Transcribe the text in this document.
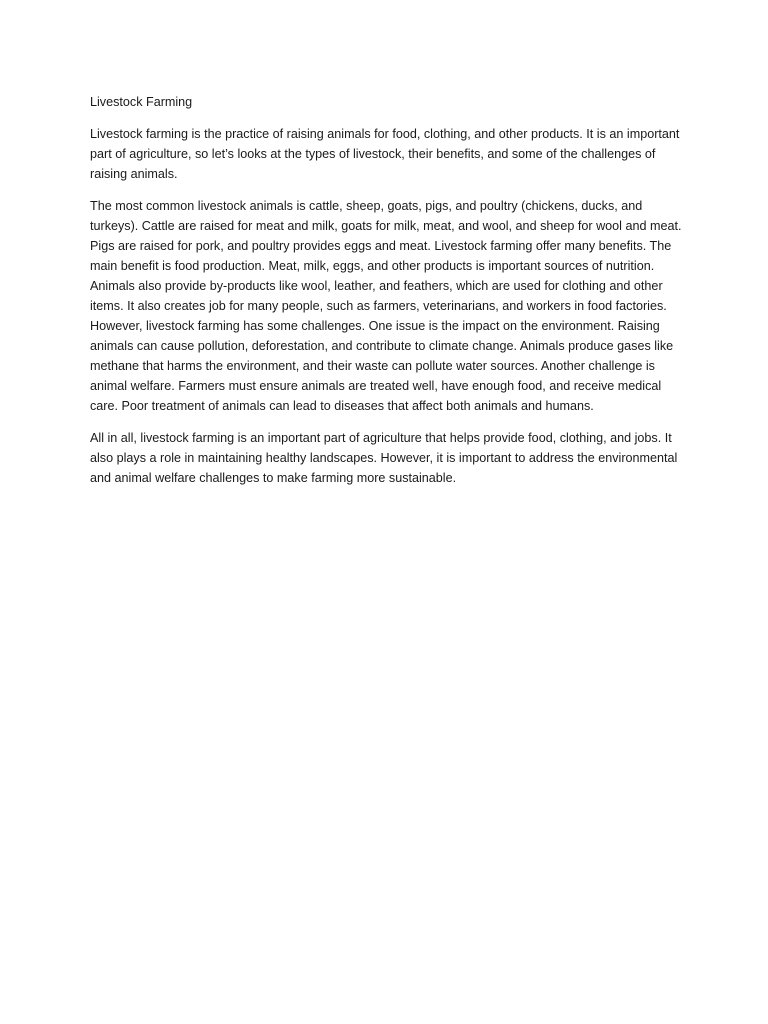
Livestock Farming

Livestock farming is the practice of raising animals for food, clothing, and other products. It is an important part of agriculture, so let’s looks at the types of livestock, their benefits, and some of the challenges of raising animals.

The most common livestock animals is cattle, sheep, goats, pigs, and poultry (chickens, ducks, and turkeys). Cattle are raised for meat and milk, goats for milk, meat, and wool, and sheep for wool and meat. Pigs are raised for pork, and poultry provides eggs and meat. Livestock farming offer many benefits. The main benefit is food production. Meat, milk, eggs, and other products is important sources of nutrition. Animals also provide by-products like wool, leather, and feathers, which are used for clothing and other items. It also creates job for many people, such as farmers, veterinarians, and workers in food factories. However, livestock farming has some challenges. One issue is the impact on the environment. Raising animals can cause pollution, deforestation, and contribute to climate change. Animals produce gases like methane that harms the environment, and their waste can pollute water sources. Another challenge is animal welfare. Farmers must ensure animals are treated well, have enough food, and receive medical care. Poor treatment of animals can lead to diseases that affect both animals and humans.

All in all, livestock farming is an important part of agriculture that helps provide food, clothing, and jobs. It also plays a role in maintaining healthy landscapes. However, it is important to address the environmental and animal welfare challenges to make farming more sustainable.
